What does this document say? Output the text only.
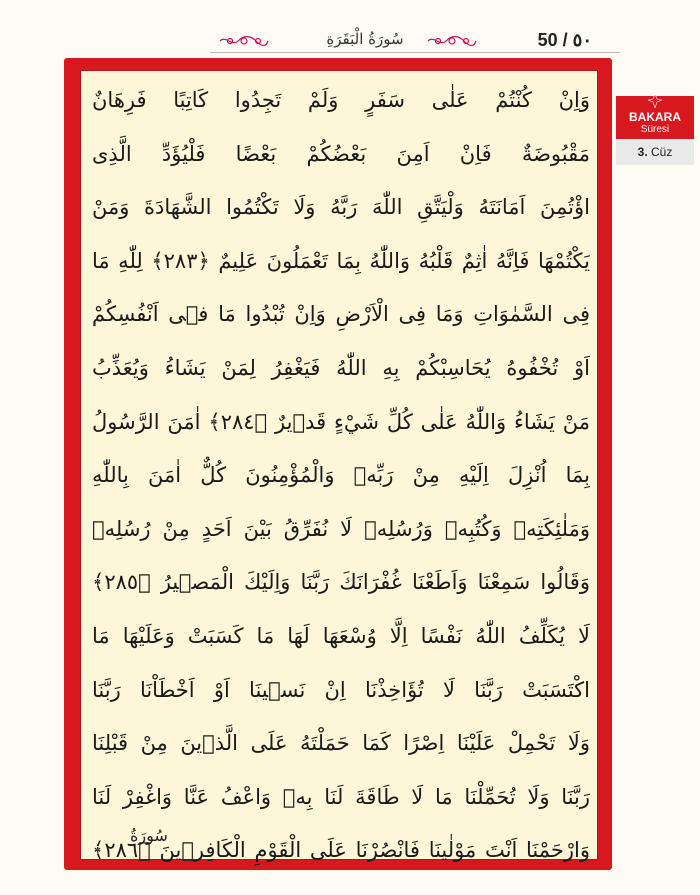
سُورَةُ الْبَقَرَةِ	50 / ٥٠
وَاِنْ كُنْتُمْ عَلٰى سَفَرٍ وَلَمْ تَجِدُوا كَاتِبًا فَرِهَانٌ
مَقْبُوضَةٌ فَاِنْ اَمِنَ بَعْضُكُمْ بَعْضًا فَلْيُؤَدِّ الَّذِى
اؤْتُمِنَ اَمَانَتَهُ وَلْيَتَّقِ اللّٰهَ رَبَّهُ وَلَا تَكْتُمُوا الشَّهَادَةَ وَمَنْ
يَكْتُمْهَا فَاِنَّهُ اٰثِمٌ قَلْبُهُ وَاللّٰهُ بِمَا تَعْمَلُونَ عَلِيمٌ ﴿٢٨٣﴾ لِلّٰهِ مَا
فِى السَّمٰوَاتِ وَمَا فِى الْاَرْضِ وَاِنْ تُبْدُوا مَا فٖى اَنْفُسِكُمْ
اَوْ تُخْفُوهُ يُحَاسِبْكُمْ بِهِ اللّٰهُ فَيَغْفِرُ لِمَنْ يَشَاءُ وَيُعَذِّبُ
مَنْ يَشَاءُ وَاللّٰهُ عَلٰى كُلِّ شَيْءٍ قَدٖيرٌ ﴿٢٨٤﴾ اٰمَنَ الرَّسُولُ
بِمَا اُنْزِلَ اِلَيْهِ مِنْ رَبِّهٖ وَالْمُؤْمِنُونَ كُلٌّ اٰمَنَ بِاللّٰهِ
وَمَلٰئِكَتِهٖ وَكُتُبِهٖ وَرُسُلِهٖ لَا نُفَرِّقُ بَيْنَ اَحَدٍ مِنْ رُسُلِهٖ
وَقَالُوا سَمِعْنَا وَاَطَعْنَا غُفْرَانَكَ رَبَّنَا وَاِلَيْكَ الْمَصٖيرُ ﴿٢٨٥﴾
لَا يُكَلِّفُ اللّٰهُ نَفْسًا اِلَّا وُسْعَهَا لَهَا مَا كَسَبَتْ وَعَلَيْهَا مَا
اكْتَسَبَتْ رَبَّنَا لَا تُؤَاخِذْنَا اِنْ نَسٖينَا اَوْ اَخْطَاْنَا رَبَّنَا
وَلَا تَحْمِلْ عَلَيْنَا اِصْرًا كَمَا حَمَلْتَهُ عَلَى الَّذٖينَ مِنْ قَبْلِنَا
رَبَّنَا وَلَا تُحَمِّلْنَا مَا لَا طَاقَةَ لَنَا بِهٖ وَاعْفُ عَنَّا وَاغْفِرْ لَنَا
وَارْحَمْنَا اَنْتَ مَوْلٰينَا فَانْصُرْنَا عَلَى الْقَوْمِ الْكَافِرٖينَ ﴿٢٨٦﴾
سُورَةُ
BAKARA
Süresi
3. Cüz
